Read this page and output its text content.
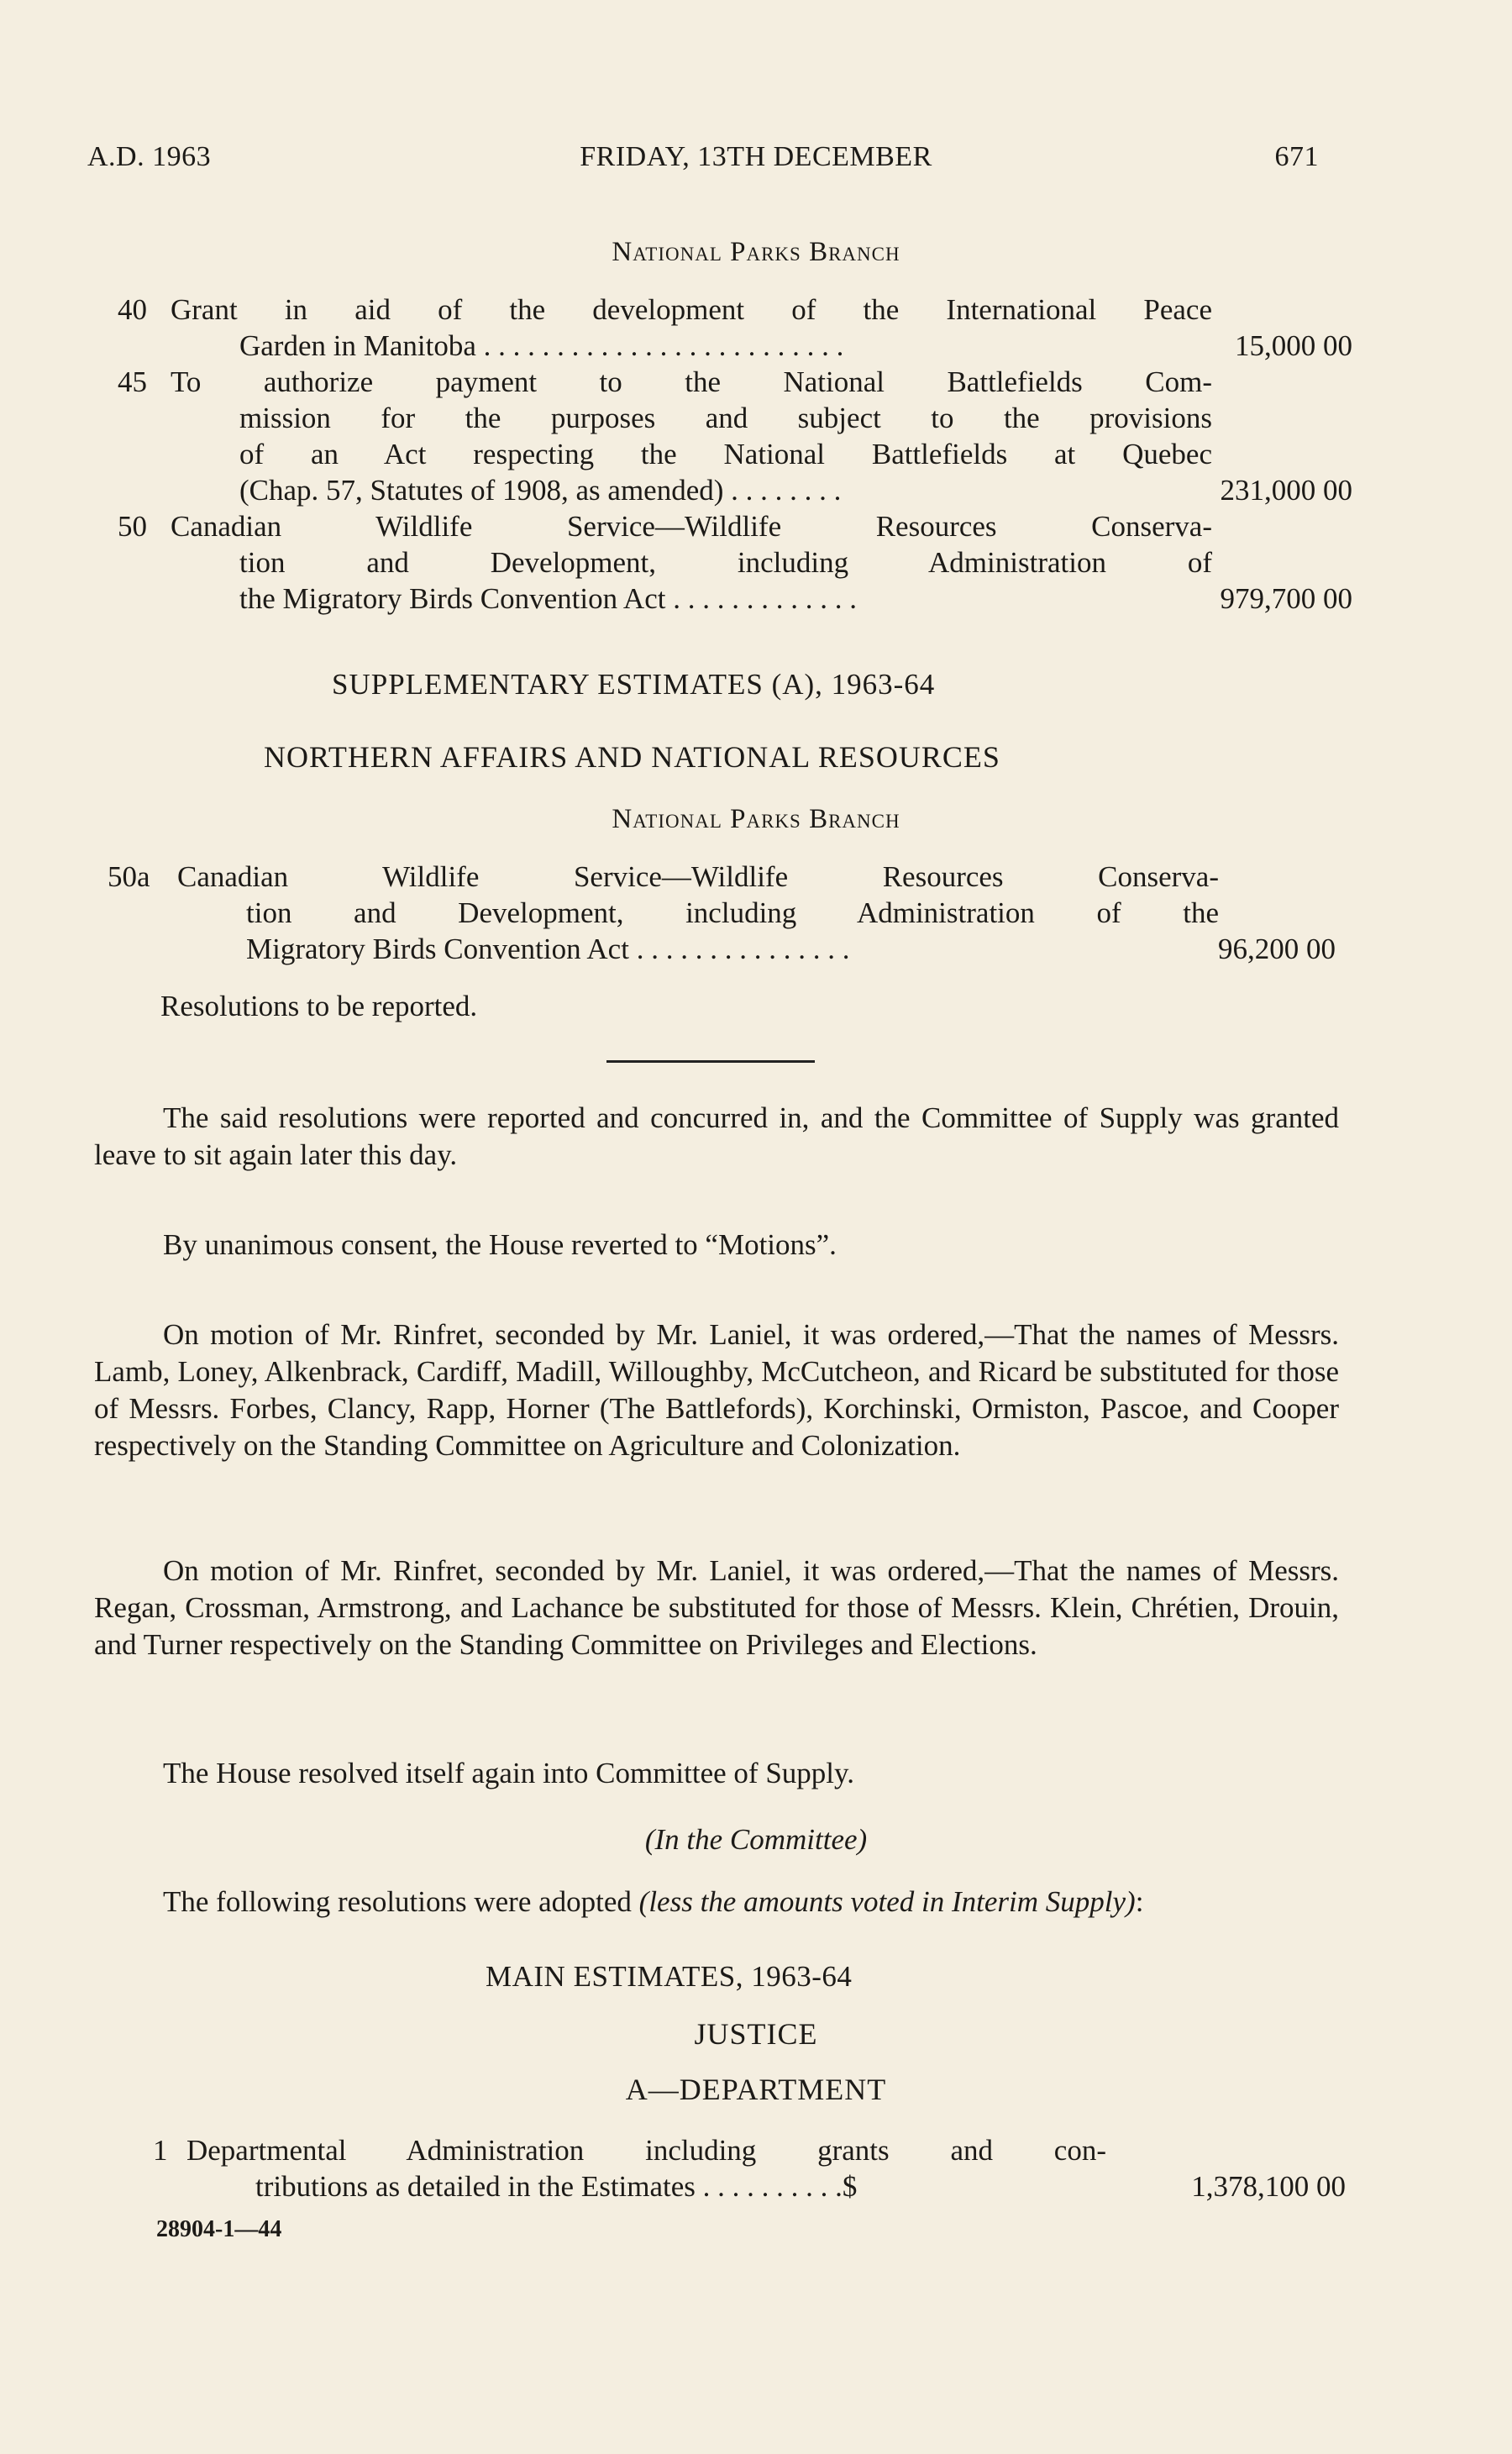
A.D. 1963	FRIDAY, 13TH DECEMBER	671
National Parks Branch
40 Grant in aid of the development of the International Peace
Garden in Manitoba . . . . . . . . . . . . . . . . . . . . . . . . .	15,000 00
45 To authorize payment to the National Battlefields Com-
mission for the purposes and subject to the provisions
of an Act respecting the National Battlefields at Quebec
(Chap. 57, Statutes of 1908, as amended) . . . . . . . .	231,000 00
50 Canadian Wildlife Service—Wildlife Resources Conserva-
tion and Development, including Administration of
the Migratory Birds Convention Act . . . . . . . . . . . . .	979,700 00
SUPPLEMENTARY ESTIMATES (A), 1963-64
NORTHERN AFFAIRS AND NATIONAL RESOURCES
National Parks Branch
50a Canadian Wildlife Service—Wildlife Resources Conserva-
tion and Development, including Administration of the
Migratory Birds Convention Act . . . . . . . . . . . . . . .	96,200 00
Resolutions to be reported.
The said resolutions were reported and concurred in, and the Committee of Supply was granted leave to sit again later this day.
By unanimous consent, the House reverted to “Motions”.
On motion of Mr. Rinfret, seconded by Mr. Laniel, it was ordered,—That the names of Messrs. Lamb, Loney, Alkenbrack, Cardiff, Madill, Willoughby, McCutcheon, and Ricard be substituted for those of Messrs. Forbes, Clancy, Rapp, Horner (The Battlefords), Korchinski, Ormiston, Pascoe, and Cooper respectively on the Standing Committee on Agriculture and Colonization.
On motion of Mr. Rinfret, seconded by Mr. Laniel, it was ordered,—That the names of Messrs. Regan, Crossman, Armstrong, and Lachance be substituted for those of Messrs. Klein, Chrétien, Drouin, and Turner respectively on the Standing Committee on Privileges and Elections.
The House resolved itself again into Committee of Supply.
(In the Committee)
The following resolutions were adopted (less the amounts voted in Interim Supply):
MAIN ESTIMATES, 1963-64
JUSTICE
A—DEPARTMENT
1 Departmental Administration including grants and con-
tributions as detailed in the Estimates . . . . . . . . . .$	1,378,100 00
28904-1—44
